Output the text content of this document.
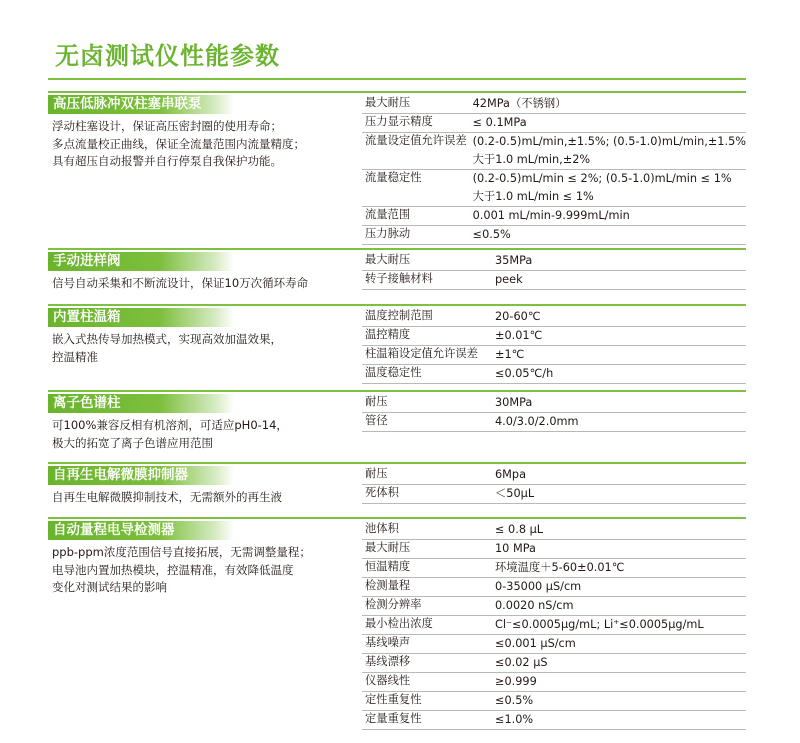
无卤测试仪性能参数
高压低脉冲双柱塞串联泵
浮动柱塞设计，保证高压密封圈的使用寿命；
多点流量校正曲线，保证全流量范围内流量精度；
具有超压自动报警并自行停泵自我保护功能。
最大耐压	42MPa（不锈钢）

压力显示精度	≤ 0.1MPa

流量设定值允许误差	(0.2-0.5)mL/min,±1.5%; (0.5-1.0)mL/min,±1.5%
大于1.0 mL/min,±2%

流量稳定性	(0.2-0.5)mL/min ≤ 2%; (0.5-1.0)mL/min ≤ 1%
大于1.0 mL/min ≤ 1%

流量范围	0.001 mL/min-9.999mL/min

压力脉动	≤0.5%
手动进样阀
信号自动采集和不断流设计，保证10万次循环寿命
最大耐压	35MPa

转子接触材料	peek
内置柱温箱
嵌入式热传导加热模式，实现高效加温效果，
控温精准
温度控制范围	20-60℃

温控精度	±0.01℃

柱温箱设定值允许误差	±1℃

温度稳定性	≤0.05℃/h
离子色谱柱
可100%兼容反相有机溶剂，可适应pH0-14，
极大的拓宽了离子色谱应用范围
耐压	30MPa

管径	4.0/3.0/2.0mm
自再生电解微膜抑制器
自再生电解微膜抑制技术，无需额外的再生液
耐压	6Mpa

死体积	＜50μL
自动量程电导检测器
ppb-ppm浓度范围信号直接拓展，无需调整量程；
电导池内置加热模块，控温精准，有效降低温度
变化对测试结果的影响
池体积	≤ 0.8 μL

最大耐压	10 MPa

恒温精度	环境温度＋5-60±0.01℃

检测量程	0-35000 μS/cm

检测分辨率	0.0020 nS/cm

最小检出浓度	Cl⁻≤0.0005μg/mL; Li⁺≤0.0005μg/mL

基线噪声	≤0.001 μS/cm

基线漂移	≤0.02 μS

仪器线性	≥0.999

定性重复性	≤0.5%

定量重复性	≤1.0%
